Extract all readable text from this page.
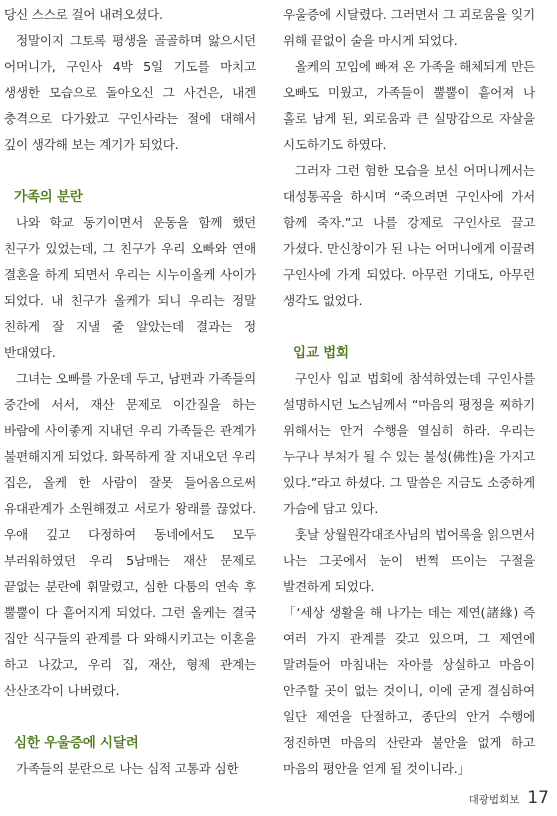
당신 스스로 걸어 내려오셨다.

정말이지 그토록 평생을 골골하며 앓으시던 어머니가, 구인사 4박 5일 기도를 마치고 생생한 모습으로 돌아오신 그 사건은, 내겐 충격으로 다가왔고 구인사라는 절에 대해서 깊이 생각해 보는 계기가 되었다.

가족의 분란

나와 학교 동기이면서 운동을 함께 했던 친구가 있었는데, 그 친구가 우리 오빠와 연애 결혼을 하게 되면서 우리는 시누이올케 사이가 되었다. 내 친구가 올케가 되니 우리는 정말 친하게 잘 지낼 줄 알았는데 결과는 정 반대였다.

그녀는 오빠를 가운데 두고, 남편과 가족들의 중간에 서서, 재산 문제로 이간질을 하는 바람에 사이좋게 지내던 우리 가족들은 관계가 불편해지게 되었다. 화목하게 잘 지내오던 우리 집은, 올케 한 사람이 잘못 들어옴으로써 유대관계가 소원해졌고 서로가 왕래를 끊었다. 우애 깊고 다정하여 동네에서도 모두 부러워하였던 우리 5남매는 재산 문제로 끝없는 분란에 휘말렸고, 심한 다툼의 연속 후 뿔뿔이 다 흩어지게 되었다. 그런 올케는 결국 집안 식구들의 관계를 다 와해시키고는 이혼을 하고 나갔고, 우리 집, 재산, 형제 관계는 산산조각이 나버렸다.

심한 우울증에 시달려

가족들의 분란으로 나는 심적 고통과 심한

우울증에 시달렸다. 그러면서 그 괴로움을 잊기 위해 끝없이 술을 마시게 되었다.

올케의 꼬임에 빠져 온 가족을 해체되게 만든 오빠도 미웠고, 가족들이 뿔뿔이 흩어져 나 홀로 남게 된, 외로움과 큰 실망감으로 자살을 시도하기도 하였다.

그러자 그런 험한 모습을 보신 어머니께서는 대성통곡을 하시며 “죽으려면 구인사에 가서 함께 죽자.”고 나를 강제로 구인사로 끌고 가셨다. 만신창이가 된 나는 어머니에게 이끌려 구인사에 가게 되었다. 아무런 기대도, 아무런 생각도 없었다.

입교 법회

구인사 입교 법회에 참석하였는데 구인사를 설명하시던 노스님께서 “마음의 평정을 찌하기 위해서는 안거 수행을 열심히 하라. 우리는 누구나 부처가 될 수 있는 불성(佛性)을 가지고 있다.”라고 하셨다. 그 말씀은 지금도 소중하게 가슴에 담고 있다.

훗날 상월원각대조사님의 법어록을 읽으면서 나는 그곳에서 눈이 번쩍 뜨이는 구절을 발견하게 되었다.

「‘세상 생활을 해 나가는 데는 제연(諸緣) 즉 여러 가지 관계를 갖고 있으며, 그 제연에 말려들어 마침내는 자아를 상실하고 마음이 안주할 곳이 없는 것이니, 이에 굳게 결심하여 일단 제연을 단절하고, 종단의 안거 수행에 정진하면 마음의 산란과 불안을 없게 하고 마음의 평안을 얻게 될 것이니라.」

대광법회보 17
